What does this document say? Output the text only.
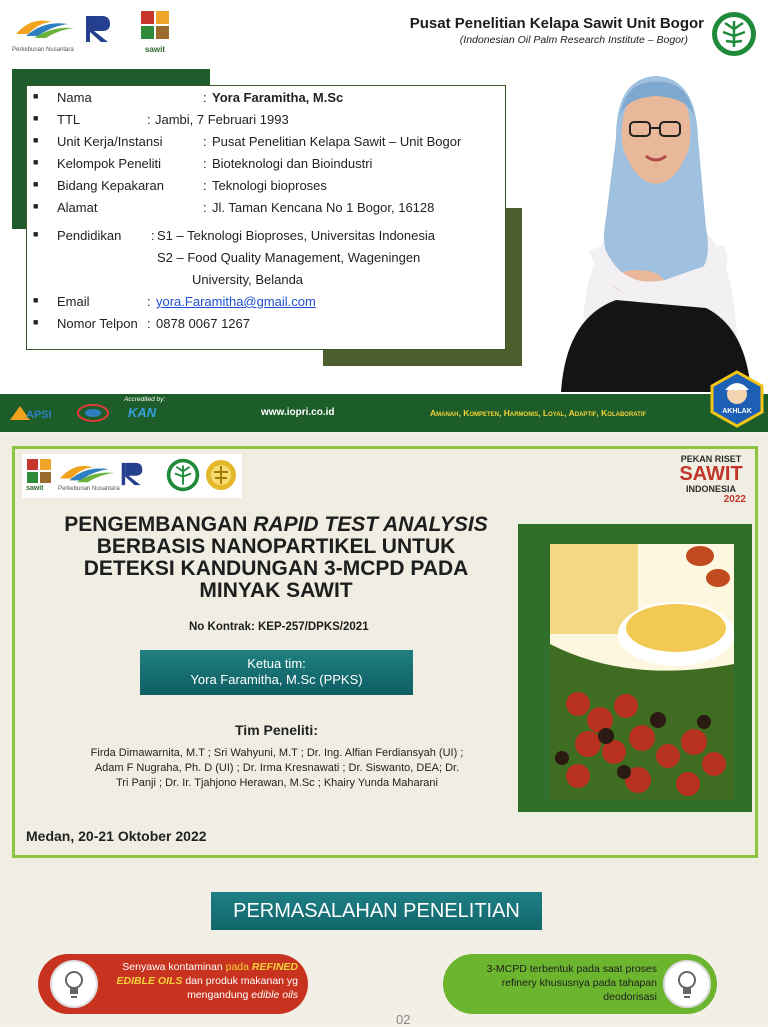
Perkebunan Nusantara	sawit
Pusat Penelitian Kelapa Sawit Unit Bogor
(Indonesian Oil Palm Research Institute – Bogor)
■ Nama	: Yora Faramitha, M.Sc
■ TTL	: Jambi, 7 Februari 1993
■ Unit Kerja/Instansi	: Pusat Penelitian Kelapa Sawit – Unit Bogor
■ Kelompok Peneliti	: Bioteknologi dan Bioindustri
■ Bidang Kepakaran	: Teknologi bioproses
■ Alamat	: Jl. Taman Kencana No 1 Bogor, 16128
■ Pendidikan : S1 – Teknologi Bioproses, Universitas Indonesia
S2 – Food Quality Management, Wageningen
University, Belanda
■ Email	: yora.Faramitha@gmail.com
■ Nomor Telpon : 0878 0067 1267
APSI
Accredited by:
KAN	www.iopri.co.id	Amanah, Kompeten, Harmonis, Loyal, Adaptif, Kolaboratif	AKHLAK
sawit Perkebunan Nusantara
PEKAN RISET
SAWIT
INDONESIA
2022
PENGEMBANGAN RAPID TEST ANALYSIS
BERBASIS NANOPARTIKEL UNTUK
DETEKSI KANDUNGAN 3-MCPD PADA
MINYAK SAWIT
No Kontrak: KEP-257/DPKS/2021
Ketua tim:
Yora Faramitha, M.Sc (PPKS)
Tim Peneliti:
Firda Dimawarnita, M.T ; Sri Wahyuni, M.T ; Dr. Ing. Alfian Ferdiansyah (UI) ;
Adam F Nugraha, Ph. D (UI) ; Dr. Irma Kresnawati ; Dr. Siswanto, DEA; Dr.
Tri Panji ; Dr. Ir. Tjahjono Herawan, M.Sc ; Khairy Yunda Maharani
Medan, 20-21 Oktober 2022
PERMASALAHAN PENELITIAN
Senyawa kontaminan pada REFINED
EDIBLE OILS dan produk makanan yg
mengandung edible oils
3-MCPD terbentuk pada saat proses
refinery khususnya pada tahapan
deodorisasi
02
